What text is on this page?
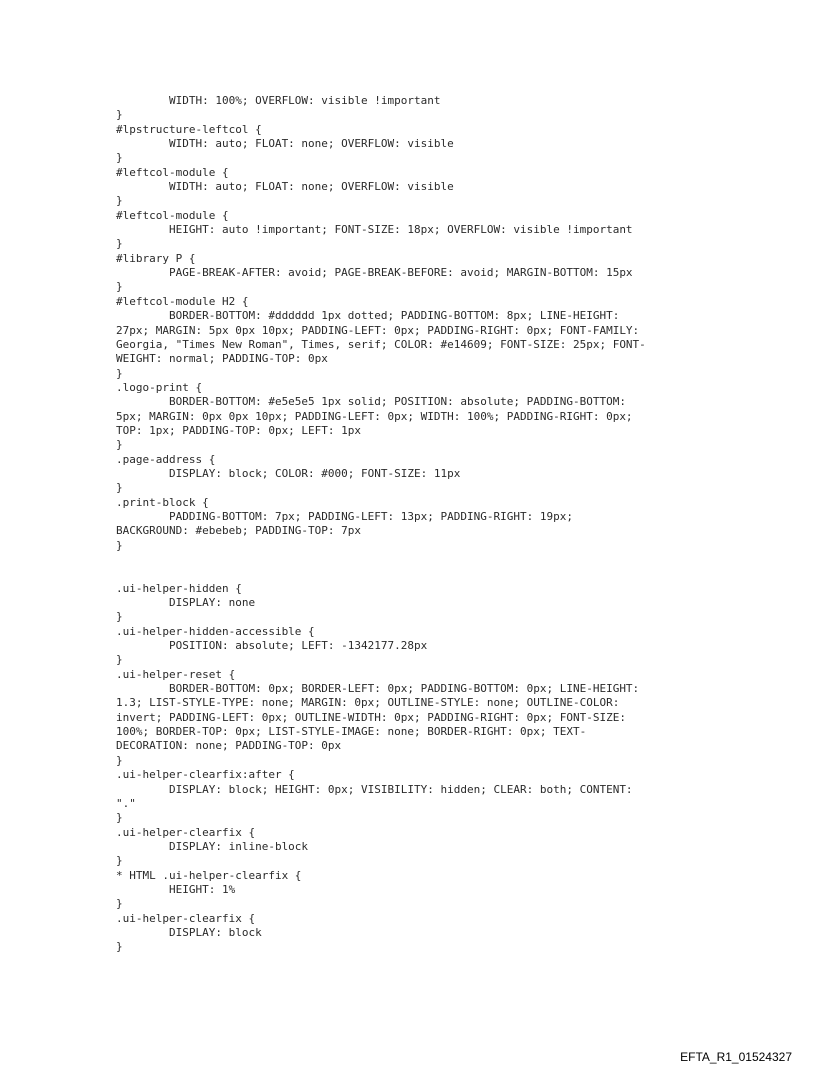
WIDTH: 100%; OVERFLOW: visible !important
}
#lpstructure-leftcol {
WIDTH: auto; FLOAT: none; OVERFLOW: visible
}
#leftcol-module {
WIDTH: auto; FLOAT: none; OVERFLOW: visible
}
#leftcol-module {
HEIGHT: auto !important; FONT-SIZE: 18px; OVERFLOW: visible !important
}
#library P {
PAGE-BREAK-AFTER: avoid; PAGE-BREAK-BEFORE: avoid; MARGIN-BOTTOM: 15px
}
#leftcol-module H2 {
BORDER-BOTTOM: #dddddd 1px dotted; PADDING-BOTTOM: 8px; LINE-HEIGHT:
27px; MARGIN: 5px 0px 10px; PADDING-LEFT: 0px; PADDING-RIGHT: 0px; FONT-FAMILY:
Georgia, "Times New Roman", Times, serif; COLOR: #e14609; FONT-SIZE: 25px; FONT-
WEIGHT: normal; PADDING-TOP: 0px
}
.logo-print {
BORDER-BOTTOM: #e5e5e5 1px solid; POSITION: absolute; PADDING-BOTTOM:
5px; MARGIN: 0px 0px 10px; PADDING-LEFT: 0px; WIDTH: 100%; PADDING-RIGHT: 0px;
TOP: 1px; PADDING-TOP: 0px; LEFT: 1px
}
.page-address {
DISPLAY: block; COLOR: #000; FONT-SIZE: 11px
}
.print-block {
PADDING-BOTTOM: 7px; PADDING-LEFT: 13px; PADDING-RIGHT: 19px;
BACKGROUND: #ebebeb; PADDING-TOP: 7px
}
.ui-helper-hidden {
DISPLAY: none
}
.ui-helper-hidden-accessible {
POSITION: absolute; LEFT: -1342177.28px
}
.ui-helper-reset {
BORDER-BOTTOM: 0px; BORDER-LEFT: 0px; PADDING-BOTTOM: 0px; LINE-HEIGHT:
1.3; LIST-STYLE-TYPE: none; MARGIN: 0px; OUTLINE-STYLE: none; OUTLINE-COLOR:
invert; PADDING-LEFT: 0px; OUTLINE-WIDTH: 0px; PADDING-RIGHT: 0px; FONT-SIZE:
100%; BORDER-TOP: 0px; LIST-STYLE-IMAGE: none; BORDER-RIGHT: 0px; TEXT-
DECORATION: none; PADDING-TOP: 0px
}
.ui-helper-clearfix:after {
DISPLAY: block; HEIGHT: 0px; VISIBILITY: hidden; CLEAR: both; CONTENT:
"."
}
.ui-helper-clearfix {
DISPLAY: inline-block
}
* HTML .ui-helper-clearfix {
HEIGHT: 1%
}
.ui-helper-clearfix {
DISPLAY: block
}
EFTA_R1_01524327
